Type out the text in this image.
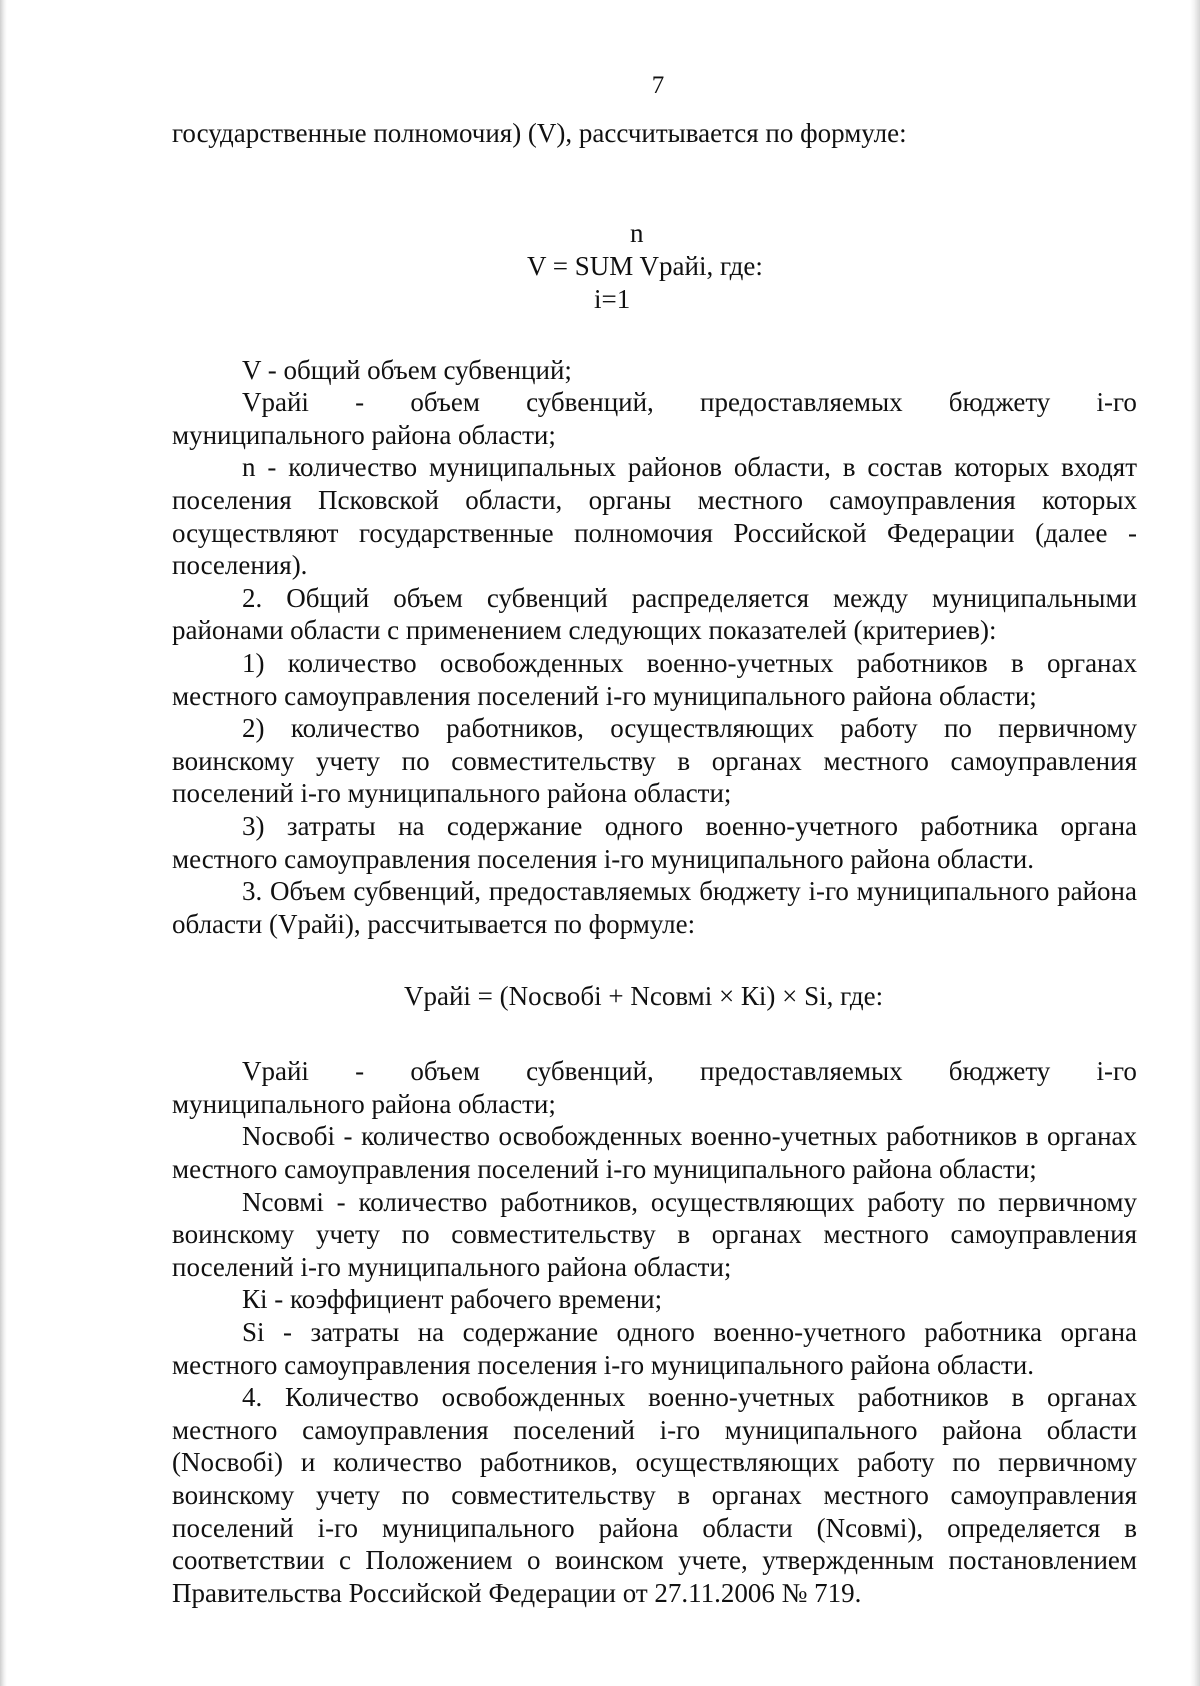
7

государственные полномочия) (V), рассчитывается по формуле:

n
V = SUM Vрайi, где:
i=1

V - общий объем субвенций;

Vрайi - объем субвенций, предоставляемых бюджету i-го

муниципального района области;

n - количество муниципальных районов области, в состав которых входят поселения Псковской области, органы местного самоуправления которых осуществляют государственные полномочия Российской Федерации (далее - поселения).

2. Общий объем субвенций распределяется между муниципальными районами области с применением следующих показателей (критериев):

1) количество освобожденных военно-учетных работников в органах местного самоуправления поселений i-го муниципального района области;

2) количество работников, осуществляющих работу по первичному воинскому учету по совместительству в органах местного самоуправления поселений i-го муниципального района области;

3) затраты на содержание одного военно-учетного работника органа местного самоуправления поселения i-го муниципального района области.

3. Объем субвенций, предоставляемых бюджету i-го муниципального района области (Vрайi), рассчитывается по формуле:

Vрайi = (Nосвобi + Nсовмi × Кi) × Si, где:
Vрайi - объем субвенций, предоставляемых бюджету i-го

муниципального района области;

Nосвобi - количество освобожденных военно-учетных работников в органах местного самоуправления поселений i-го муниципального района области;

Nсовмi - количество работников, осуществляющих работу по первичному воинскому учету по совместительству в органах местного самоуправления поселений i-го муниципального района области;

Кi - коэффициент рабочего времени;

Si - затраты на содержание одного военно-учетного работника органа местного самоуправления поселения i-го муниципального района области.

4. Количество освобожденных военно-учетных работников в органах местного самоуправления поселений i-го муниципального района области (Nосвобi) и количество работников, осуществляющих работу по первичному воинскому учету по совместительству в органах местного самоуправления поселений i-го муниципального района области (Nсовмi), определяется в соответствии с Положением о воинском учете, утвержденным постановлением Правительства Российской Федерации от 27.11.2006 № 719.
